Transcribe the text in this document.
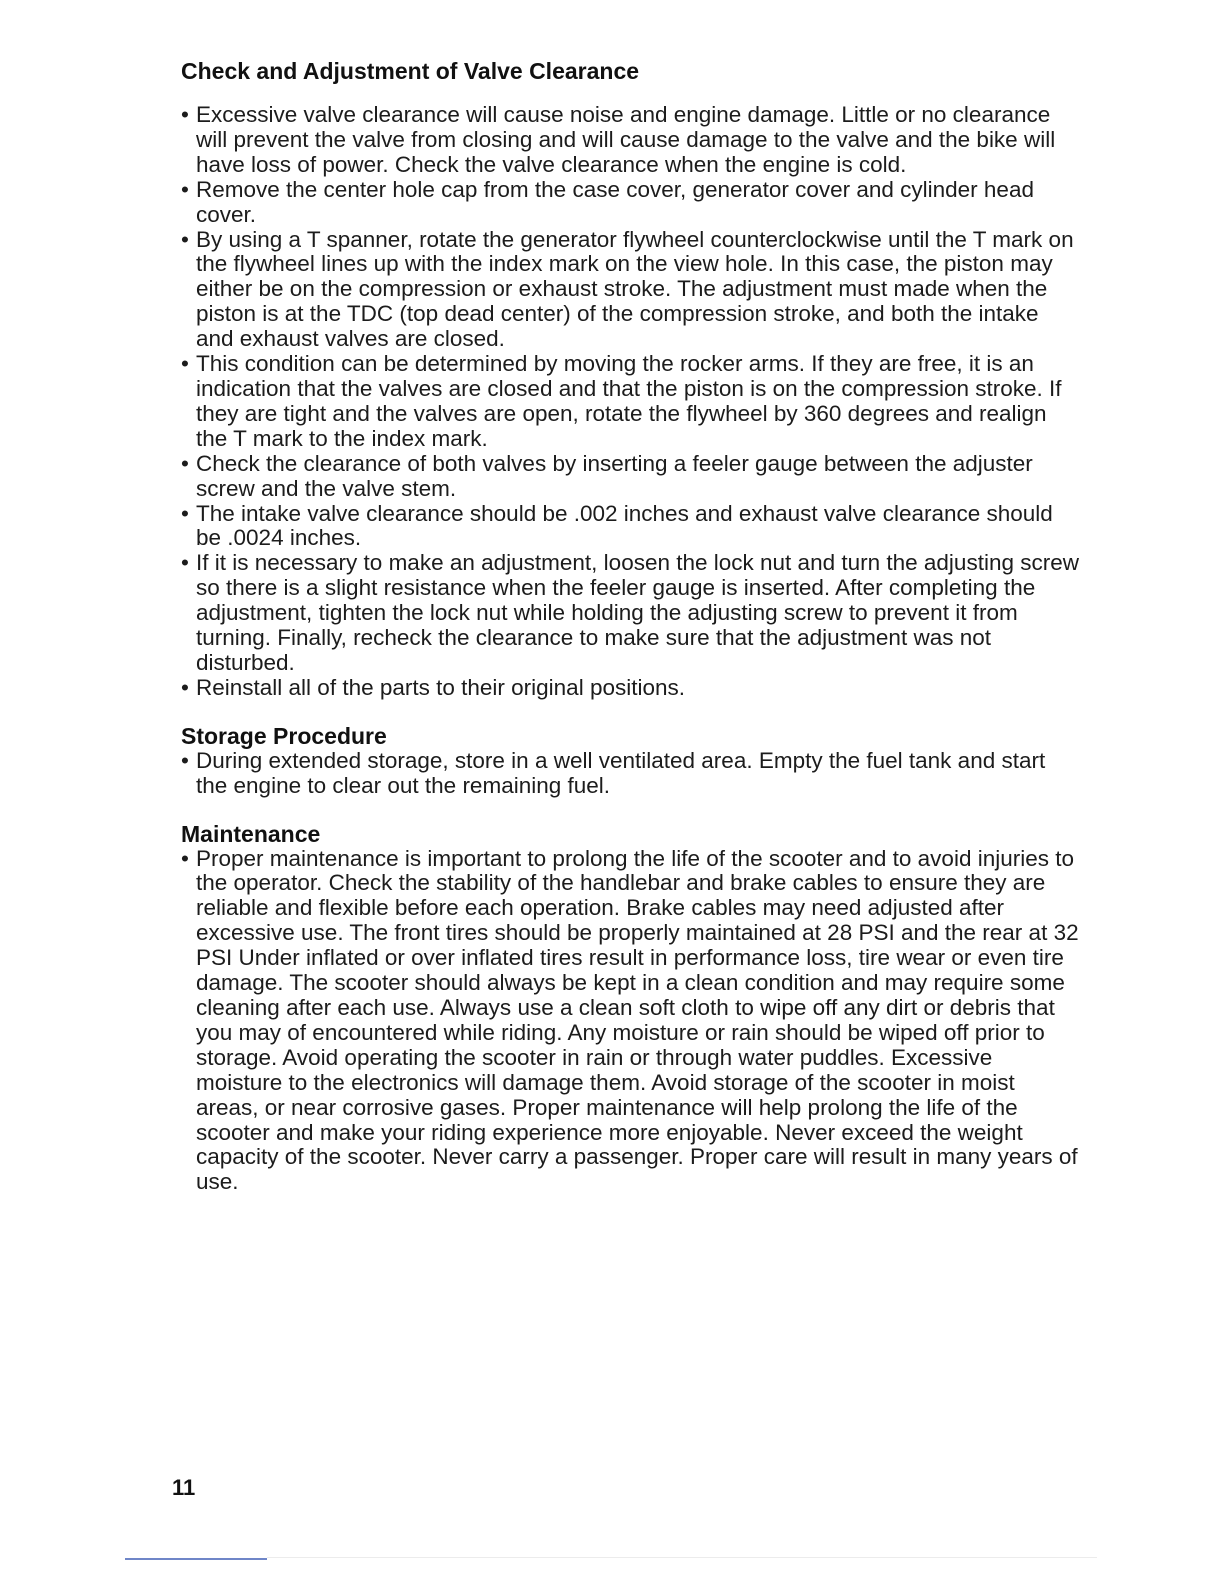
Check and Adjustment of Valve Clearance
• Excessive valve clearance will cause noise and engine damage. Little or no clearance will prevent the valve from closing and will cause damage to the valve and the bike will have loss of power. Check the valve clearance when the engine is cold.
• Remove the center hole cap from the case cover, generator cover and cylinder head cover.
• By using a T spanner, rotate the generator flywheel counterclockwise until the T mark on the flywheel lines up with the index mark on the view hole. In this case, the piston may either be on the compression or exhaust stroke. The adjustment must made when the piston is at the TDC (top dead center) of the compression stroke, and both the intake and exhaust valves are closed.
• This condition can be determined by moving the rocker arms. If they are free, it is an indication that the valves are closed and that the piston is on the compression stroke. If they are tight and the valves are open, rotate the flywheel by 360 degrees and realign the T mark to the index mark.
• Check the clearance of both valves by inserting a feeler gauge between the adjuster screw and the valve stem.
• The intake valve clearance should be .002 inches and exhaust valve clearance should be .0024 inches.
• If it is necessary to make an adjustment, loosen the lock nut and turn the adjusting screw so there is a slight resistance when the feeler gauge is inserted. After completing the adjustment, tighten the lock nut while holding the adjusting screw to prevent it from turning. Finally, recheck the clearance to make sure that the adjustment was not disturbed.
• Reinstall all of the parts to their original positions.
Storage Procedure
• During extended storage, store in a well ventilated area. Empty the fuel tank and start the engine to clear out the remaining fuel.
Maintenance
• Proper maintenance is important to prolong the life of the scooter and to avoid injuries to the operator. Check the stability of the handlebar and brake cables to ensure they are reliable and flexible before each operation. Brake cables may need adjusted after excessive use. The front tires should be properly maintained at 28 PSI and the rear at 32 PSI Under inflated or over inflated tires result in performance loss, tire wear or even tire damage. The scooter should always be kept in a clean condition and may require some cleaning after each use. Always use a clean soft cloth to wipe off any dirt or debris that you may of encountered while riding. Any moisture or rain should be wiped off prior to storage. Avoid operating the scooter in rain or through water puddles. Excessive moisture to the electronics will damage them. Avoid storage of the scooter in moist areas, or near corrosive gases. Proper maintenance will help prolong the life of the scooter and make your riding experience more enjoyable. Never exceed the weight capacity of the scooter. Never carry a passenger. Proper care will result in many years of use.
11
